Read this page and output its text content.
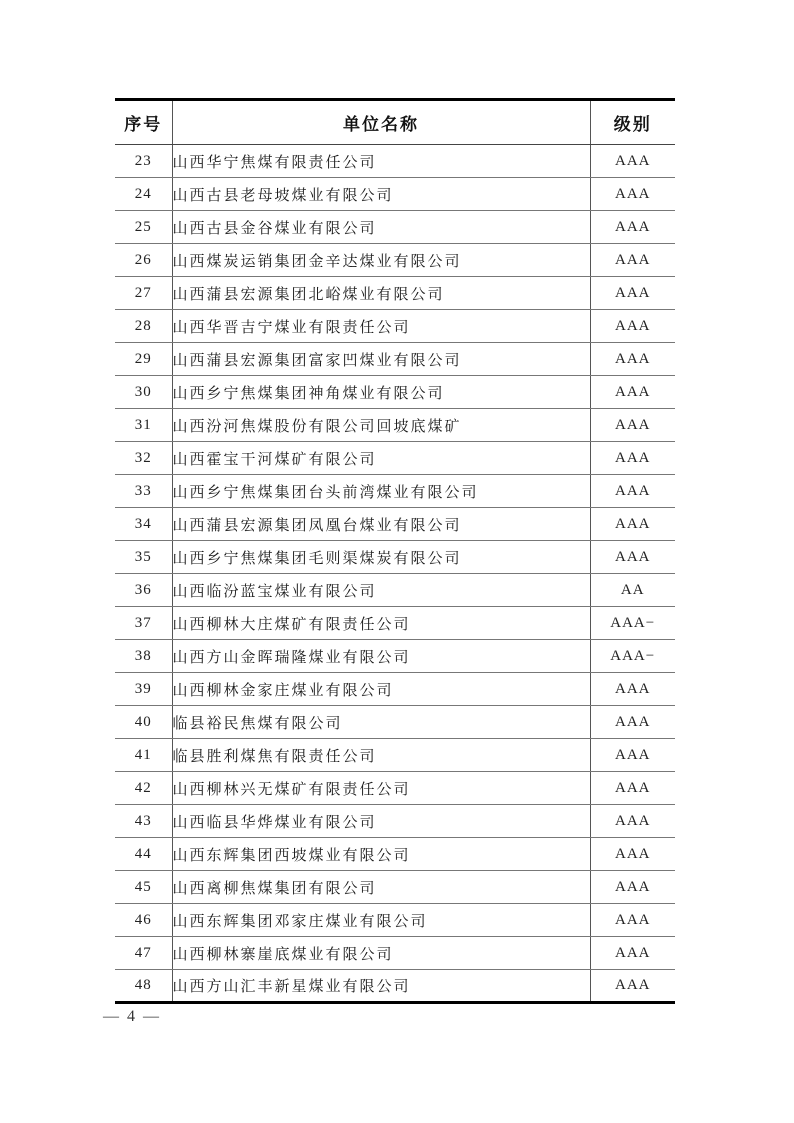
序号	单位名称	级别
23	山西华宁焦煤有限责任公司	AAA
24	山西古县老母坡煤业有限公司	AAA
25	山西古县金谷煤业有限公司	AAA
26	山西煤炭运销集团金辛达煤业有限公司	AAA
27	山西蒲县宏源集团北峪煤业有限公司	AAA
28	山西华晋吉宁煤业有限责任公司	AAA
29	山西蒲县宏源集团富家凹煤业有限公司	AAA
30	山西乡宁焦煤集团神角煤业有限公司	AAA
31	山西汾河焦煤股份有限公司回坡底煤矿	AAA
32	山西霍宝干河煤矿有限公司	AAA
33	山西乡宁焦煤集团台头前湾煤业有限公司	AAA
34	山西蒲县宏源集团凤凰台煤业有限公司	AAA
35	山西乡宁焦煤集团毛则渠煤炭有限公司	AAA
36	山西临汾蓝宝煤业有限公司	AA
37	山西柳林大庄煤矿有限责任公司	AAA−
38	山西方山金晖瑞隆煤业有限公司	AAA−
39	山西柳林金家庄煤业有限公司	AAA
40	临县裕民焦煤有限公司	AAA
41	临县胜利煤焦有限责任公司	AAA
42	山西柳林兴无煤矿有限责任公司	AAA
43	山西临县华烨煤业有限公司	AAA
44	山西东辉集团西坡煤业有限公司	AAA
45	山西离柳焦煤集团有限公司	AAA
46	山西东辉集团邓家庄煤业有限公司	AAA
47	山西柳林寨崖底煤业有限公司	AAA
48	山西方山汇丰新星煤业有限公司	AAA
— 4 —
